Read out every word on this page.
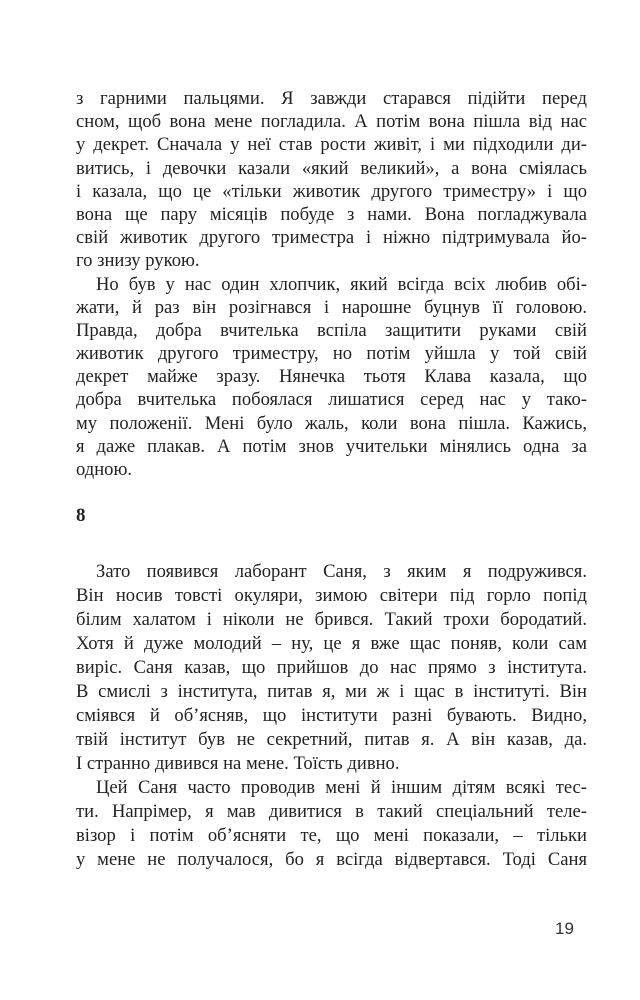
з гарними пальцями. Я завжди старався підійти перед
сном, щоб вона мене погладила. А потім вона пішла від нас
у декрет. Сначала у неї став рости живіт, і ми підходили ди-
витись, і девочки казали «який великий», а вона сміялась
і казала, що це «тільки животик другого триместру» і що
вона ще пару місяців побуде з нами. Вона погладжувала
свій животик другого триместра і ніжно підтримувала йо-
го знизу рукою.
Но був у нас один хлопчик, який всігда всіх любив обі-
жати, й раз він розігнався і нарошне буцнув її головою.
Правда, добра вчителька вспіла защитити руками свій
животик другого триместру, но потім уйшла у той свій
декрет майже зразу. Нянечка тьотя Клава казала, що
добра вчителька побоялася лишатися серед нас у тако-
му положенії. Мені було жаль, коли вона пішла. Кажись,
я даже плакав. А потім знов учительки мінялись одна за
одною.
8
Зато появився лаборант Саня, з яким я подружився.
Він носив товсті окуляри, зимою світери під горло попід
білим халатом і ніколи не брився. Такий трохи бородатий.
Хотя й дуже молодий – ну, це я вже щас поняв, коли сам
виріс. Саня казав, що прийшов до нас прямо з інститута.
В смислі з інститута, питав я, ми ж і щас в інституті. Він
сміявся й об’ясняв, що інститути разні бувають. Видно,
твій інститут був не секретний, питав я. А він казав, да.
І странно дивився на мене. Тоїсть дивно.
Цей Саня часто проводив мені й іншим дітям всякі тес-
ти. Напрімер, я мав дивитися в такий спеціальний теле-
візор і потім об’ясняти те, що мені показали, – тільки
у мене не получалося, бо я всігда відвертався. Тоді Саня
19
